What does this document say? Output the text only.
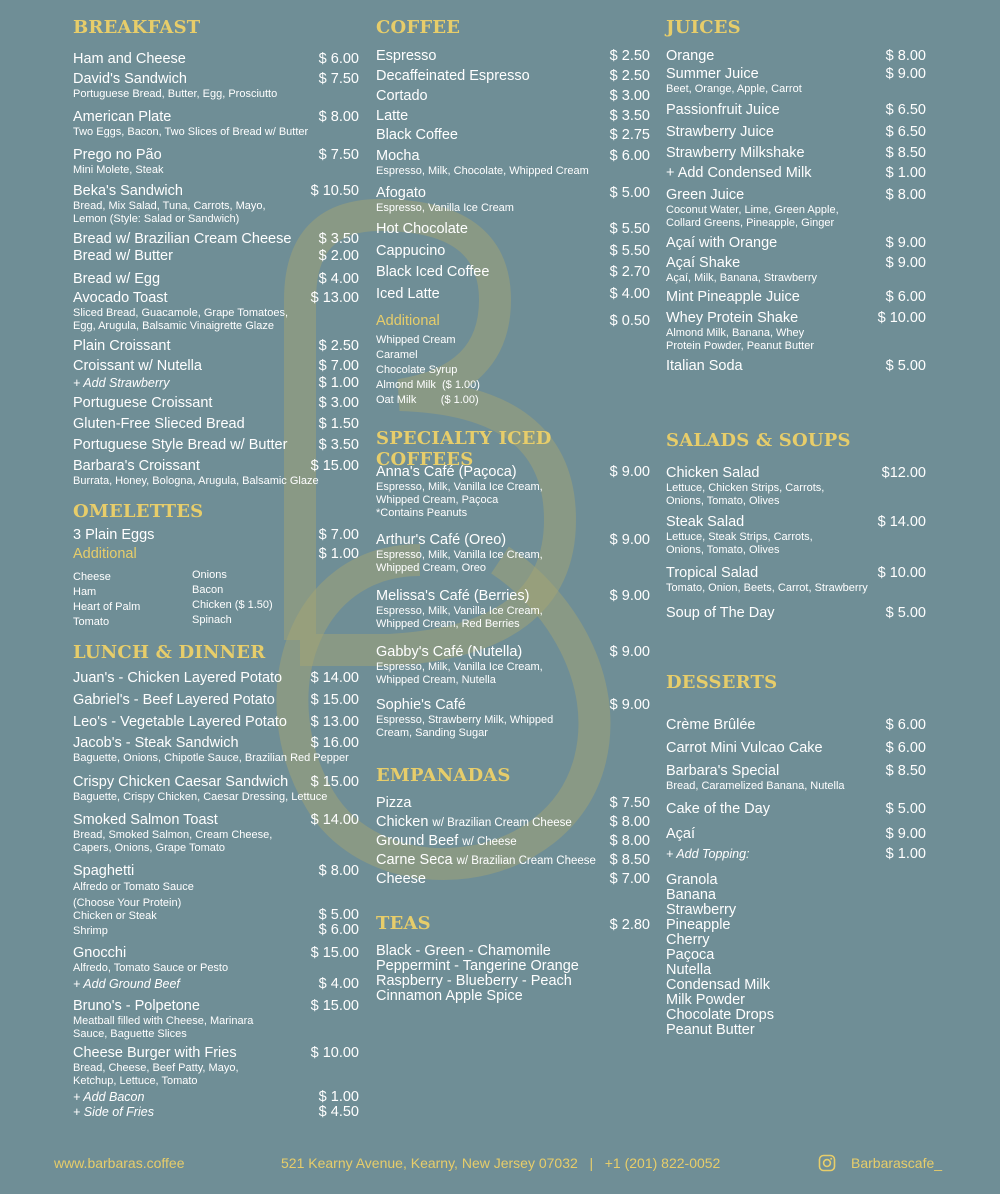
BREAKFAST
Ham and Cheese	$ 6.00
David's Sandwich	$ 7.50
Portuguese Bread, Butter, Egg, Prosciutto
American Plate	$ 8.00
Two Eggs, Bacon, Two Slices of Bread w/ Butter
Prego no Pão	$ 7.50
Mini Molete, Steak
Beka's Sandwich	$ 10.50
Bread, Mix Salad, Tuna, Carrots, Mayo, Lemon (Style: Salad or Sandwich)
Bread w/ Brazilian Cream Cheese $ 3.50
Bread w/ Butter	$ 2.00
Bread w/ Egg	$ 4.00
Avocado Toast	$ 13.00
Sliced Bread, Guacamole, Grape Tomatoes, Egg, Arugula, Balsamic Vinaigrette Glaze
Plain Croissant	$ 2.50
Croissant w/ Nutella	$ 7.00
+ Add Strawberry	$ 1.00
Portuguese Croissant	$ 3.00
Gluten-Free Slieced Bread	$ 1.50
Portuguese Style Bread w/ Butter $ 3.50
Barbara's Croissant	$ 15.00
Burrata, Honey, Bologna, Arugula, Balsamic Glaze
OMELETTES
3 Plain Eggs	$ 7.00
Additional	$ 1.00
Cheese
Ham
Heart of Palm
Tomato
Onions
Bacon
Chicken ($ 1.50)
Spinach
LUNCH & DINNER
Juan's - Chicken Layered Potato $ 14.00
Gabriel's - Beef Layered Potato $ 15.00
Leo's - Vegetable Layered Potato $ 13.00
Jacob's - Steak Sandwich	$ 16.00
Baguette, Onions, Chipotle Sauce, Brazilian Red Pepper
Crispy Chicken Caesar Sandwich $ 15.00
Baguette, Crispy Chicken, Caesar Dressing, Lettuce
Smoked Salmon Toast	$ 14.00
Bread, Smoked Salmon, Cream Cheese, Capers, Onions, Grape Tomato
Spaghetti	$ 8.00
Alfredo or Tomato Sauce
(Choose Your Protein)
Chicken or Steak	$ 5.00
Shrimp	$ 6.00
Gnocchi	$ 15.00
Alfredo, Tomato Sauce or Pesto
+ Add Ground Beef	$ 4.00
Bruno's - Polpetone	$ 15.00
Meatball filled with Cheese, Marinara Sauce, Baguette Slices
Cheese Burger with Fries	$ 10.00
Bread, Cheese, Beef Patty, Mayo, Ketchup, Lettuce, Tomato
+ Add Bacon	$ 1.00
+ Side of Fries	$ 4.50
COFFEE
Espresso	$ 2.50
Decaffeinated Espresso	$ 2.50
Cortado	$ 3.00
Latte	$ 3.50
Black Coffee	$ 2.75
Mocha	$ 6.00
Espresso, Milk, Chocolate, Whipped Cream
Afogato	$ 5.00
Espresso, Vanilla Ice Cream
Hot Chocolate	$ 5.50
Cappucino	$ 5.50
Black Iced Coffee	$ 2.70
Iced Latte	$ 4.00
Additional	$ 0.50
Whipped Cream
Caramel
Chocolate Syrup
Almond Milk  ($ 1.00)
Oat Milk        ($ 1.00)
SPECIALTY ICED COFFEES
Anna's Café (Paçoca)	$ 9.00
Espresso, Milk, Vanilla Ice Cream, Whipped Cream, Paçoca
*Contains Peanuts
Arthur's Café (Oreo)	$ 9.00
Espresso, Milk, Vanilla Ice Cream, Whipped Cream, Oreo
Melissa's Café (Berries)	$ 9.00
Espresso, Milk, Vanilla Ice Cream, Whipped Cream, Red Berries
Gabby's Café (Nutella)	$ 9.00
Espresso, Milk, Vanilla Ice Cream, Whipped Cream, Nutella
Sophie's Café	$ 9.00
Espresso, Strawberry Milk, Whipped Cream, Sanding Sugar
EMPANADAS
Pizza	$ 7.50
Chicken w/ Brazilian Cream Cheese	$ 8.00
Ground Beef w/ Cheese	$ 8.00
Carne Seca w/ Brazilian Cream Cheese $ 8.50
Cheese	$ 7.00
TEAS	$ 2.80
Black - Green - Chamomile
Peppermint - Tangerine Orange
Raspberry - Blueberry - Peach
Cinnamon Apple Spice
JUICES
Orange	$ 8.00
Summer Juice	$ 9.00
Beet, Orange, Apple, Carrot
Passionfruit Juice	$ 6.50
Strawberry Juice	$ 6.50
Strawberry Milkshake	$ 8.50
+ Add Condensed Milk	$ 1.00
Green Juice	$ 8.00
Coconut Water, Lime, Green Apple, Collard Greens, Pineapple, Ginger
Açaí with Orange	$ 9.00
Açaí Shake	$ 9.00
Açaí, Milk, Banana, Strawberry
Mint Pineapple Juice	$ 6.00
Whey Protein Shake	$ 10.00
Almond Milk, Banana, Whey Protein Powder, Peanut Butter
Italian Soda	$ 5.00
SALADS & SOUPS
Chicken Salad	$12.00
Lettuce, Chicken Strips, Carrots, Onions, Tomato, Olives
Steak Salad	$ 14.00
Lettuce, Steak Strips, Carrots, Onions, Tomato, Olives
Tropical Salad	$ 10.00
Tomato, Onion, Beets, Carrot, Strawberry
Soup of The Day	$ 5.00
DESSERTS
Crème Brûlée	$ 6.00
Carrot Mini Vulcao Cake	$ 6.00
Barbara's Special	$ 8.50
Bread, Caramelized Banana, Nutella
Cake of the Day	$ 5.00
Açaí	$ 9.00
+ Add Topping:	$ 1.00
Granola
Banana
Strawberry
Pineapple
Cherry
Paçoca
Nutella
Condensad Milk
Milk Powder
Chocolate Drops
Peanut Butter
www.barbaras.coffee	521 Kearny Avenue, Kearny, New Jersey 07032   |   +1 (201) 822-0052	Barbarascafe_
